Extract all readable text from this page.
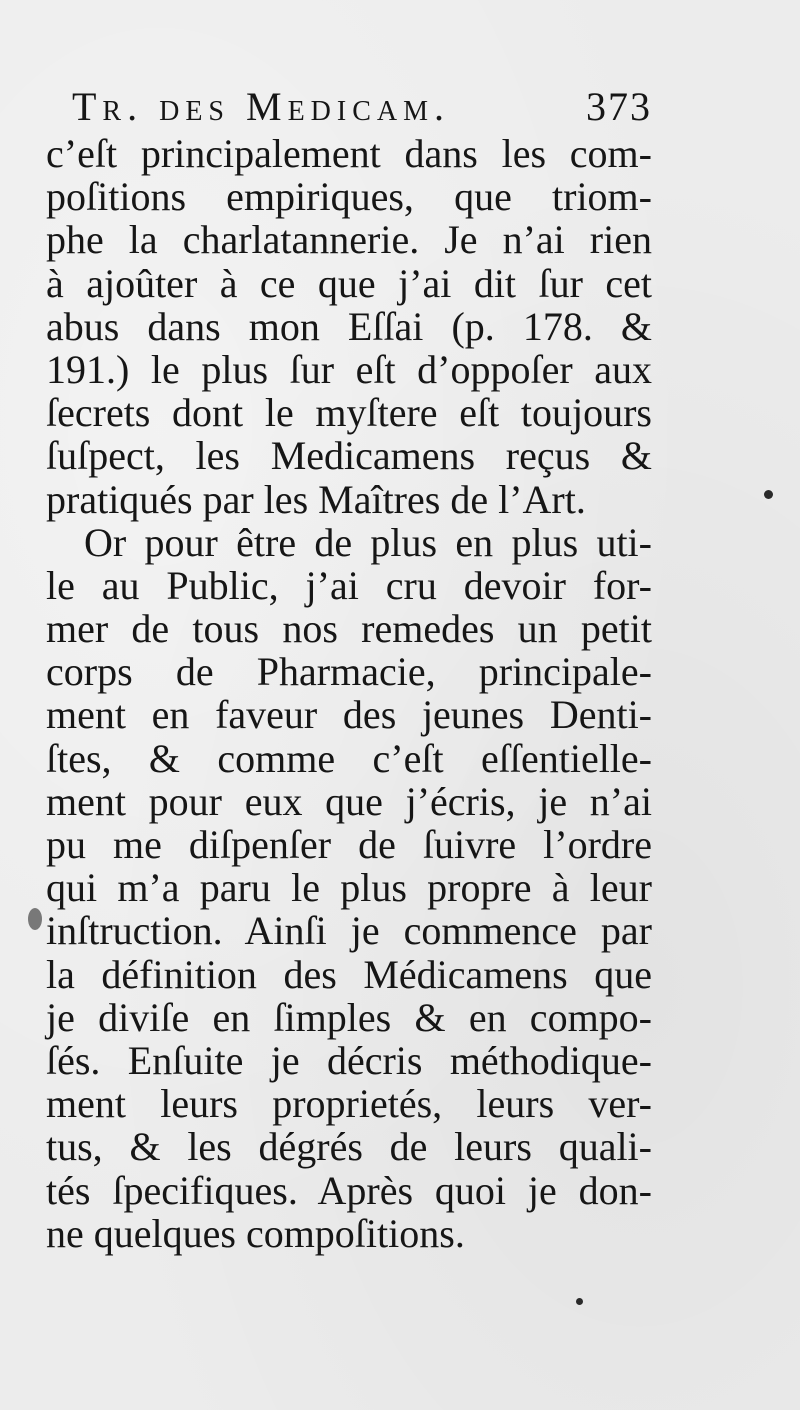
Tr. des Medicam.	373
c’eſt principalement dans les com-
poſitions empiriques, que triom-
phe la charlatannerie. Je n’ai rien
à ajoûter à ce que j’ai dit ſur cet
abus dans mon Eſſai (p. 178. &
191.) le plus ſur eſt d’oppoſer aux
ſecrets dont le myſtere eſt toujours
ſuſpect, les Medicamens reçus &
pratiqués par les Maîtres de l’Art.
Or pour être de plus en plus uti-
le au Public, j’ai cru devoir for-
mer de tous nos remedes un petit
corps de Pharmacie, principale-
ment en faveur des jeunes Denti-
ſtes, & comme c’eſt eſſentielle-
ment pour eux que j’écris, je n’ai
pu me diſpenſer de ſuivre l’ordre
qui m’a paru le plus propre à leur
inſtruction. Ainſi je commence par
la définition des Médicamens que
je diviſe en ſimples & en compo-
ſés. Enſuite je décris méthodique-
ment leurs proprietés, leurs ver-
tus, & les dégrés de leurs quali-
tés ſpecifiques. Après quoi je don-
ne quelques compoſitions.
